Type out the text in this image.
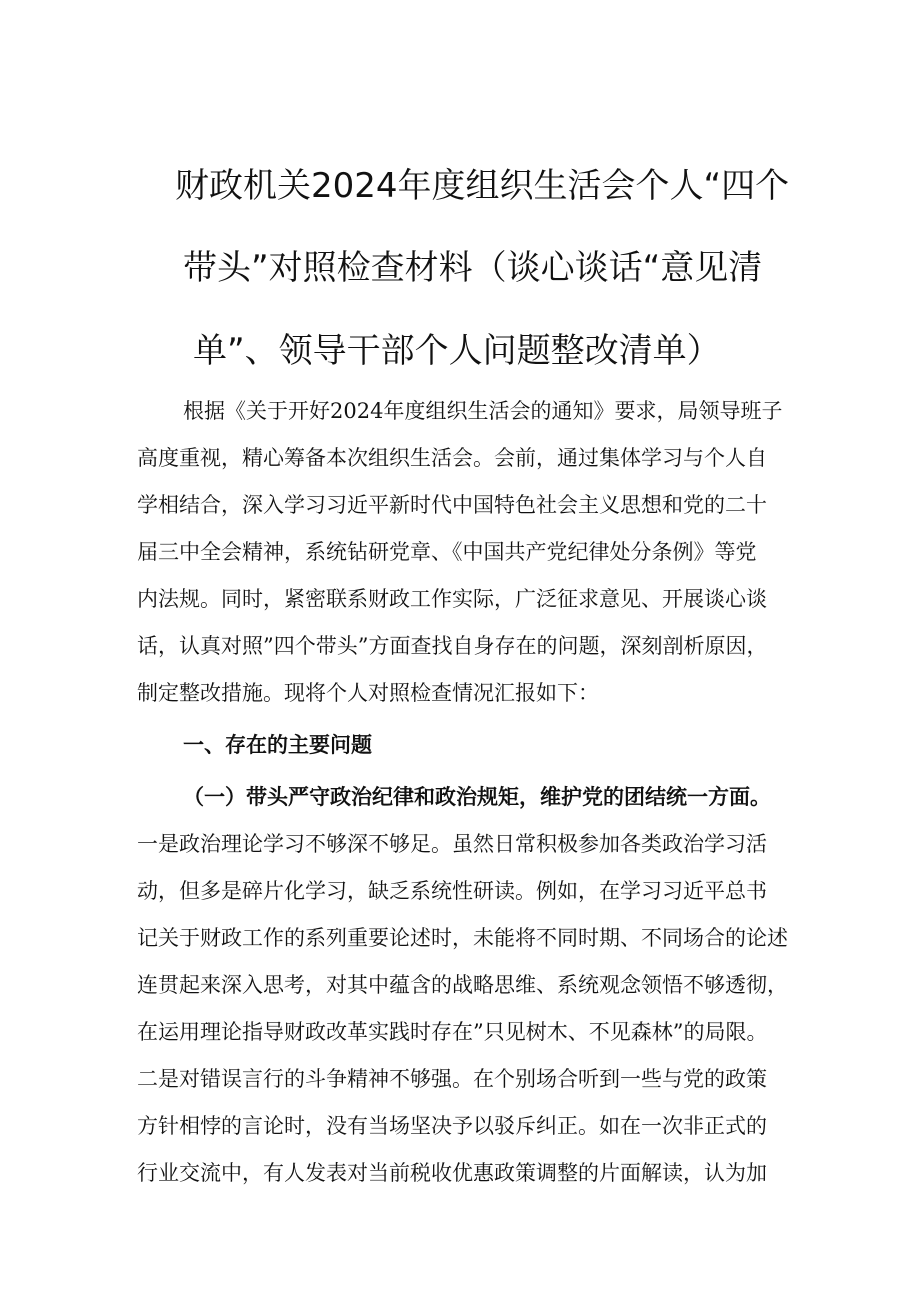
财政机关2024年度组织生活会个人“四个
带头”对照检查材料（谈心谈话“意见清
单”、领导干部个人问题整改清单）
根据《关于开好2024年度组织生活会的通知》要求，局领导班子
高度重视，精心筹备本次组织生活会。会前，通过集体学习与个人自
学相结合，深入学习习近平新时代中国特色社会主义思想和党的二十
届三中全会精神，系统钻研党章、《中国共产党纪律处分条例》等党
内法规。同时，紧密联系财政工作实际，广泛征求意见、开展谈心谈
话，认真对照”四个带头”方面查找自身存在的问题，深刻剖析原因，
制定整改措施。现将个人对照检查情况汇报如下：
一、存在的主要问题
（一）带头严守政治纪律和政治规矩，维护党的团结统一方面。
一是政治理论学习不够深不够足。虽然日常积极参加各类政治学习活
动，但多是碎片化学习，缺乏系统性研读。例如，在学习习近平总书
记关于财政工作的系列重要论述时，未能将不同时期、不同场合的论述
连贯起来深入思考，对其中蕴含的战略思维、系统观念领悟不够透彻，
在运用理论指导财政改革实践时存在”只见树木、不见森林”的局限。
二是对错误言行的斗争精神不够强。在个别场合听到一些与党的政策
方针相悖的言论时，没有当场坚决予以驳斥纠正。如在一次非正式的
行业交流中，有人发表对当前税收优惠政策调整的片面解读，认为加
